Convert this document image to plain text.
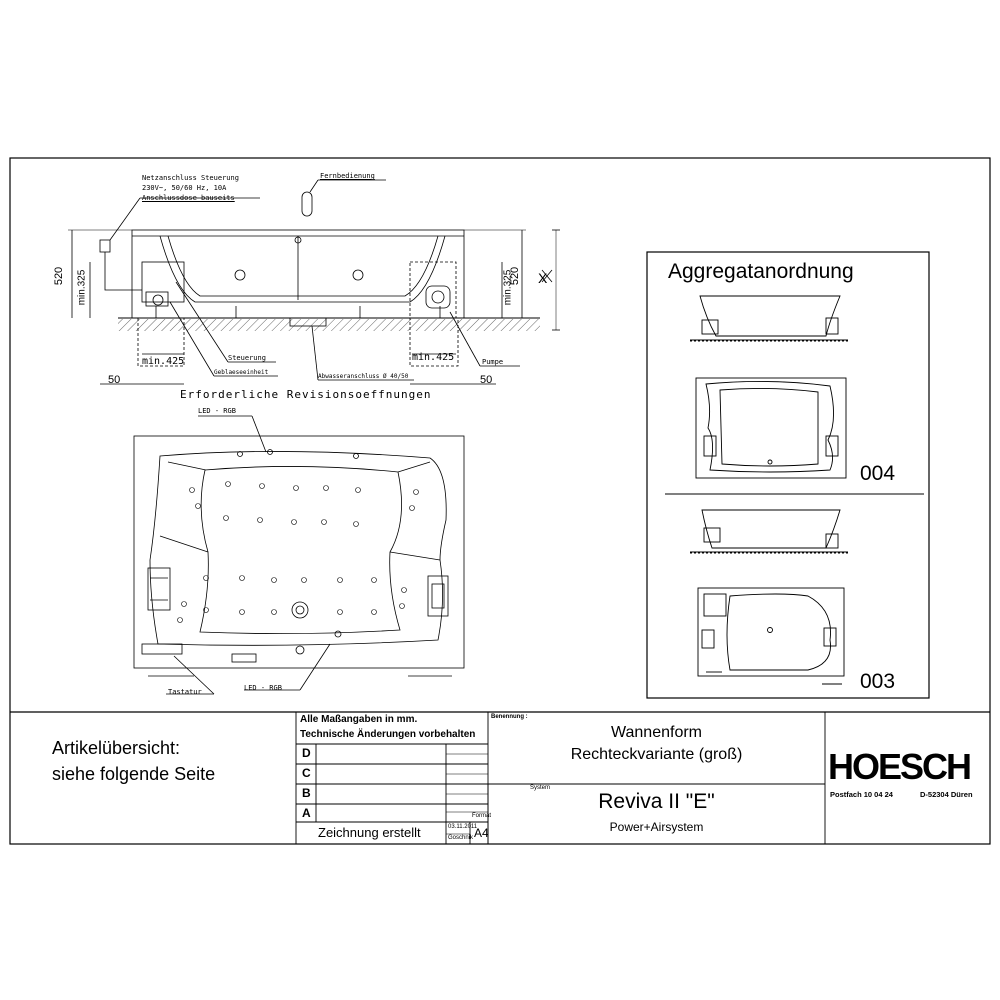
Netzanschluss Steuerung
230V~, 50/60 Hz, 10A
Anschlussdose bauseits
Fernbedienung
520 min.325	min.325
520 X
min.425	min.425
50	50
Steuerung
Geblaeseeinheit
Abwasseranschluss Ø 40/50
Pumpe
Erforderliche Revisionsoeffnungen
LED - RGB
LED - RGB
Tastatur
Aggregatanordnung
004
003
Artikelübersicht:
siehe folgende Seite
Alle Maßangaben in mm.
Technische Änderungen vorbehalten
D
C
B
A
Zeichnung erstellt	03.11.2011
Goschnik
Format
A4
Benennung :
Wannenform
Rechteckvariante (groß)
System
Reviva II "E"
Power+Airsystem
HOESCH
Postfach 10 04 24	D-52304 Düren
